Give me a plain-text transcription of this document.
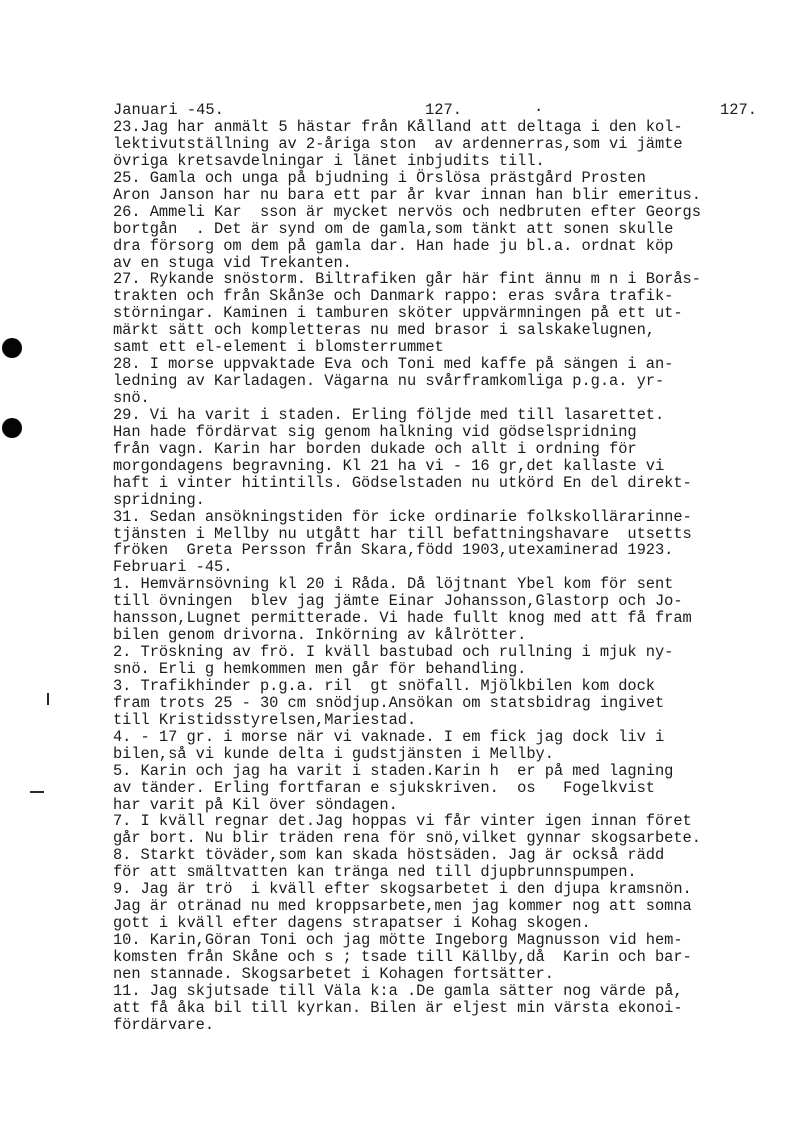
Januari -45.	127.	·	127.
23.Jag har anmält 5 hästar från Kålland att deltaga i den kol-
lektivutställning av 2-åriga ston  av ardennerras,som vi jämte
övriga kretsavdelningar i länet inbjudits till.
25. Gamla och unga på bjudning i Örslösa prästgård Prosten
Aron Janson har nu bara ett par år kvar innan han blir emeritus.
26. Ammeli Kar  sson är mycket nervös och nedbruten efter Georgs
bortgån  . Det är synd om de gamla,som tänkt att sonen skulle
dra försorg om dem på gamla dar. Han hade ju bl.a. ordnat köp
av en stuga vid Trekanten.
27. Rykande snöstorm. Biltrafiken går här fint ännu m n i Borås-
trakten och från Skån3e och Danmark rappo: eras svåra trafik-
störningar. Kaminen i tamburen sköter uppvärmningen på ett ut-
märkt sätt och kompletteras nu med brasor i salskakelugnen,
samt ett el-element i blomsterrummet
28. I morse uppvaktade Eva och Toni med kaffe på sängen i an-
ledning av Karladagen. Vägarna nu svårframkomliga p.g.a. yr-
snö.
29. Vi ha varit i staden. Erling följde med till lasarettet.
Han hade fördärvat sig genom halkning vid gödselspridning
från vagn. Karin har borden dukade och allt i ordning för
morgondagens begravning. Kl 21 ha vi - 16 gr,det kallaste vi
haft i vinter hitintills. Gödselstaden nu utkörd En del direkt-
spridning.
31. Sedan ansökningstiden för icke ordinarie folkskollärarinne-
tjänsten i Mellby nu utgått har till befattningshavare  utsetts
fröken  Greta Persson från Skara,född 1903,utexaminerad 1923.
Februari -45.
1. Hemvärnsövning kl 20 i Råda. Då löjtnant Ybel kom för sent
till övningen  blev jag jämte Einar Johansson,Glastorp och Jo-
hansson,Lugnet permitterade. Vi hade fullt knog med att få fram
bilen genom drivorna. Inkörning av kålrötter.
2. Tröskning av frö. I kväll bastubad och rullning i mjuk ny-
snö. Erli g hemkommen men går för behandling.
3. Trafikhinder p.g.a. ril  gt snöfall. Mjölkbilen kom dock
fram trots 25 - 30 cm snödjup.Ansökan om statsbidrag ingivet
till Kristidsstyrelsen,Mariestad.
4. - 17 gr. i morse när vi vaknade. I em fick jag dock liv i
bilen,så vi kunde delta i gudstjänsten i Mellby.
5. Karin och jag ha varit i staden.Karin h  er på med lagning
av tänder. Erling fortfaran e sjukskriven.  os   Fogelkvist
har varit på Kil över söndagen.
7. I kväll regnar det.Jag hoppas vi får vinter igen innan föret
går bort. Nu blir träden rena för snö,vilket gynnar skogsarbete.
8. Starkt töväder,som kan skada höstsäden. Jag är också rädd
för att smältvatten kan tränga ned till djupbrunnspumpen.
9. Jag är trö  i kväll efter skogsarbetet i den djupa kramsnön.
Jag är otränad nu med kroppsarbete,men jag kommer nog att somna
gott i kväll efter dagens strapatser i Kohag skogen.
10. Karin,Göran Toni och jag mötte Ingeborg Magnusson vid hem-
komsten från Skåne och s ; tsade till Källby,då  Karin och bar-
nen stannade. Skogsarbetet i Kohagen fortsätter.
11. Jag skjutsade till Väla k:a .De gamla sätter nog värde på,
att få åka bil till kyrkan. Bilen är eljest min värsta ekonoi-
fördärvare.
